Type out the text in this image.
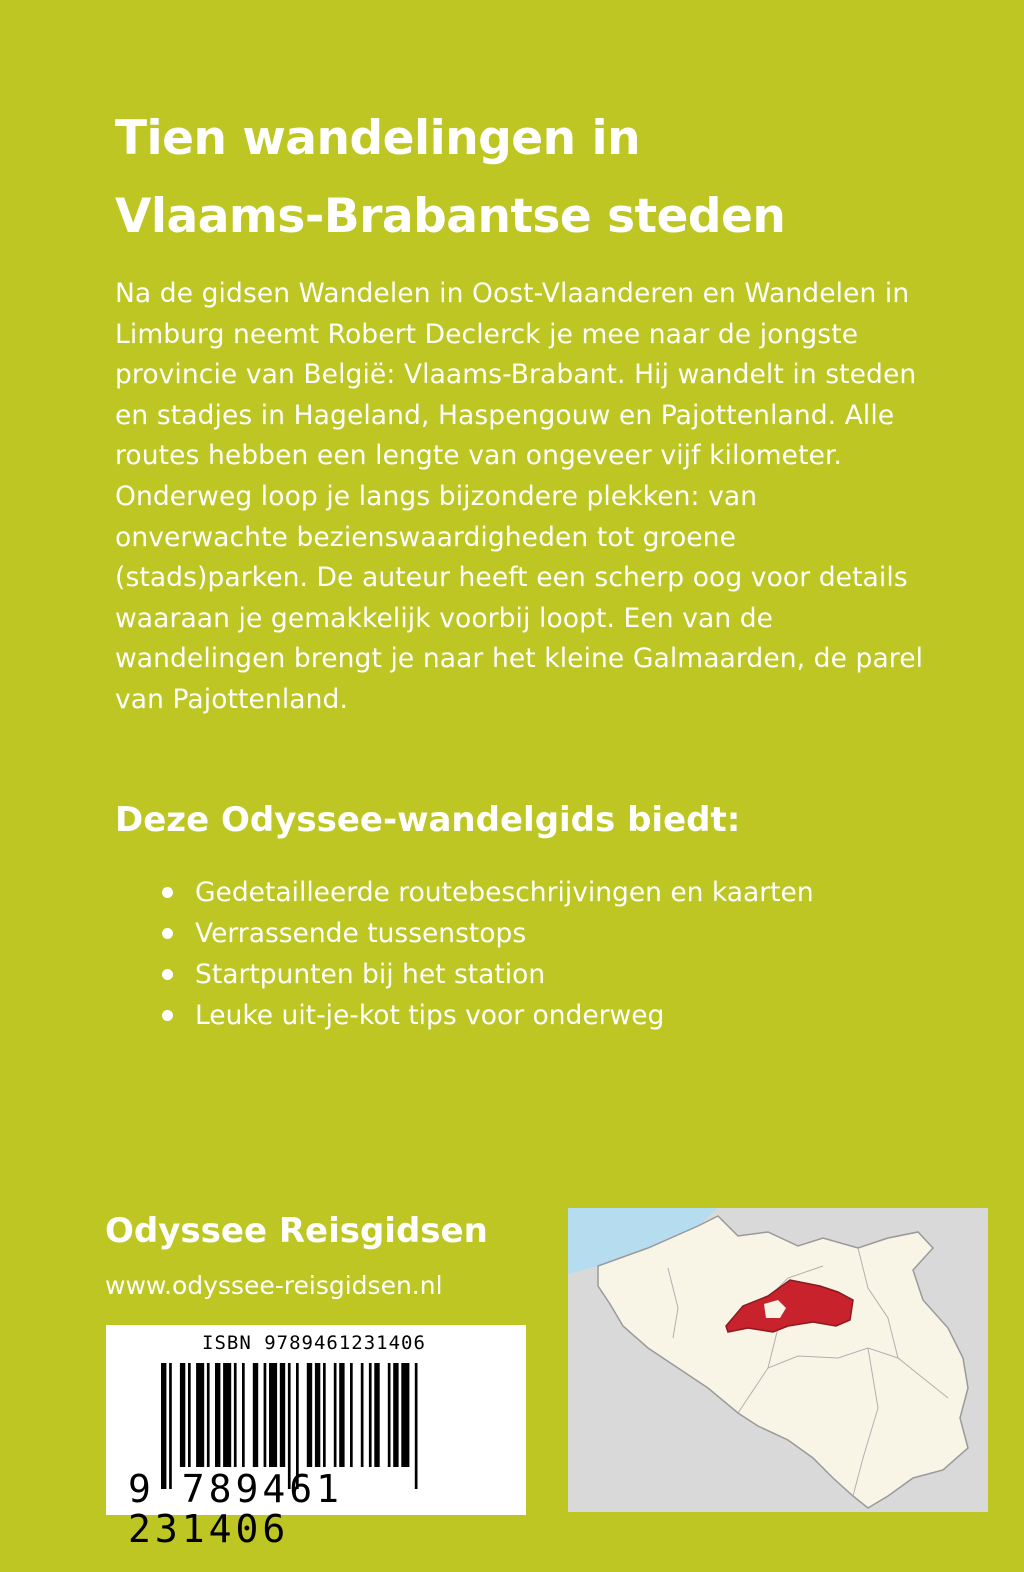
Tien wandelingen in
Vlaams-Brabantse steden

Na de gidsen Wandelen in Oost-Vlaanderen en Wandelen in Limburg neemt Robert Declerck je mee naar de jongste provincie van België: Vlaams-Brabant. Hij wandelt in steden en stadjes in Hageland, Haspengouw en Pajottenland. Alle routes hebben een lengte van ongeveer vijf kilometer.

Onderweg loop je langs bijzondere plekken: van onverwachte bezienswaardigheden tot groene (stads)parken. De auteur heeft een scherp oog voor details waaraan je gemakkelijk voorbij loopt. Een van de wandelingen brengt je naar het kleine Galmaarden, de parel van Pajottenland.

Deze Odyssee-wandelgids biedt:
Gedetailleerde routebeschrijvingen en kaarten
Verrassende tussenstops
Startpunten bij het station
Leuke uit-je-kot tips voor onderweg
Odyssee Reisgidsen
www.odyssee-reisgidsen.nl
ISBN 9789461231406
9 789461 231406
